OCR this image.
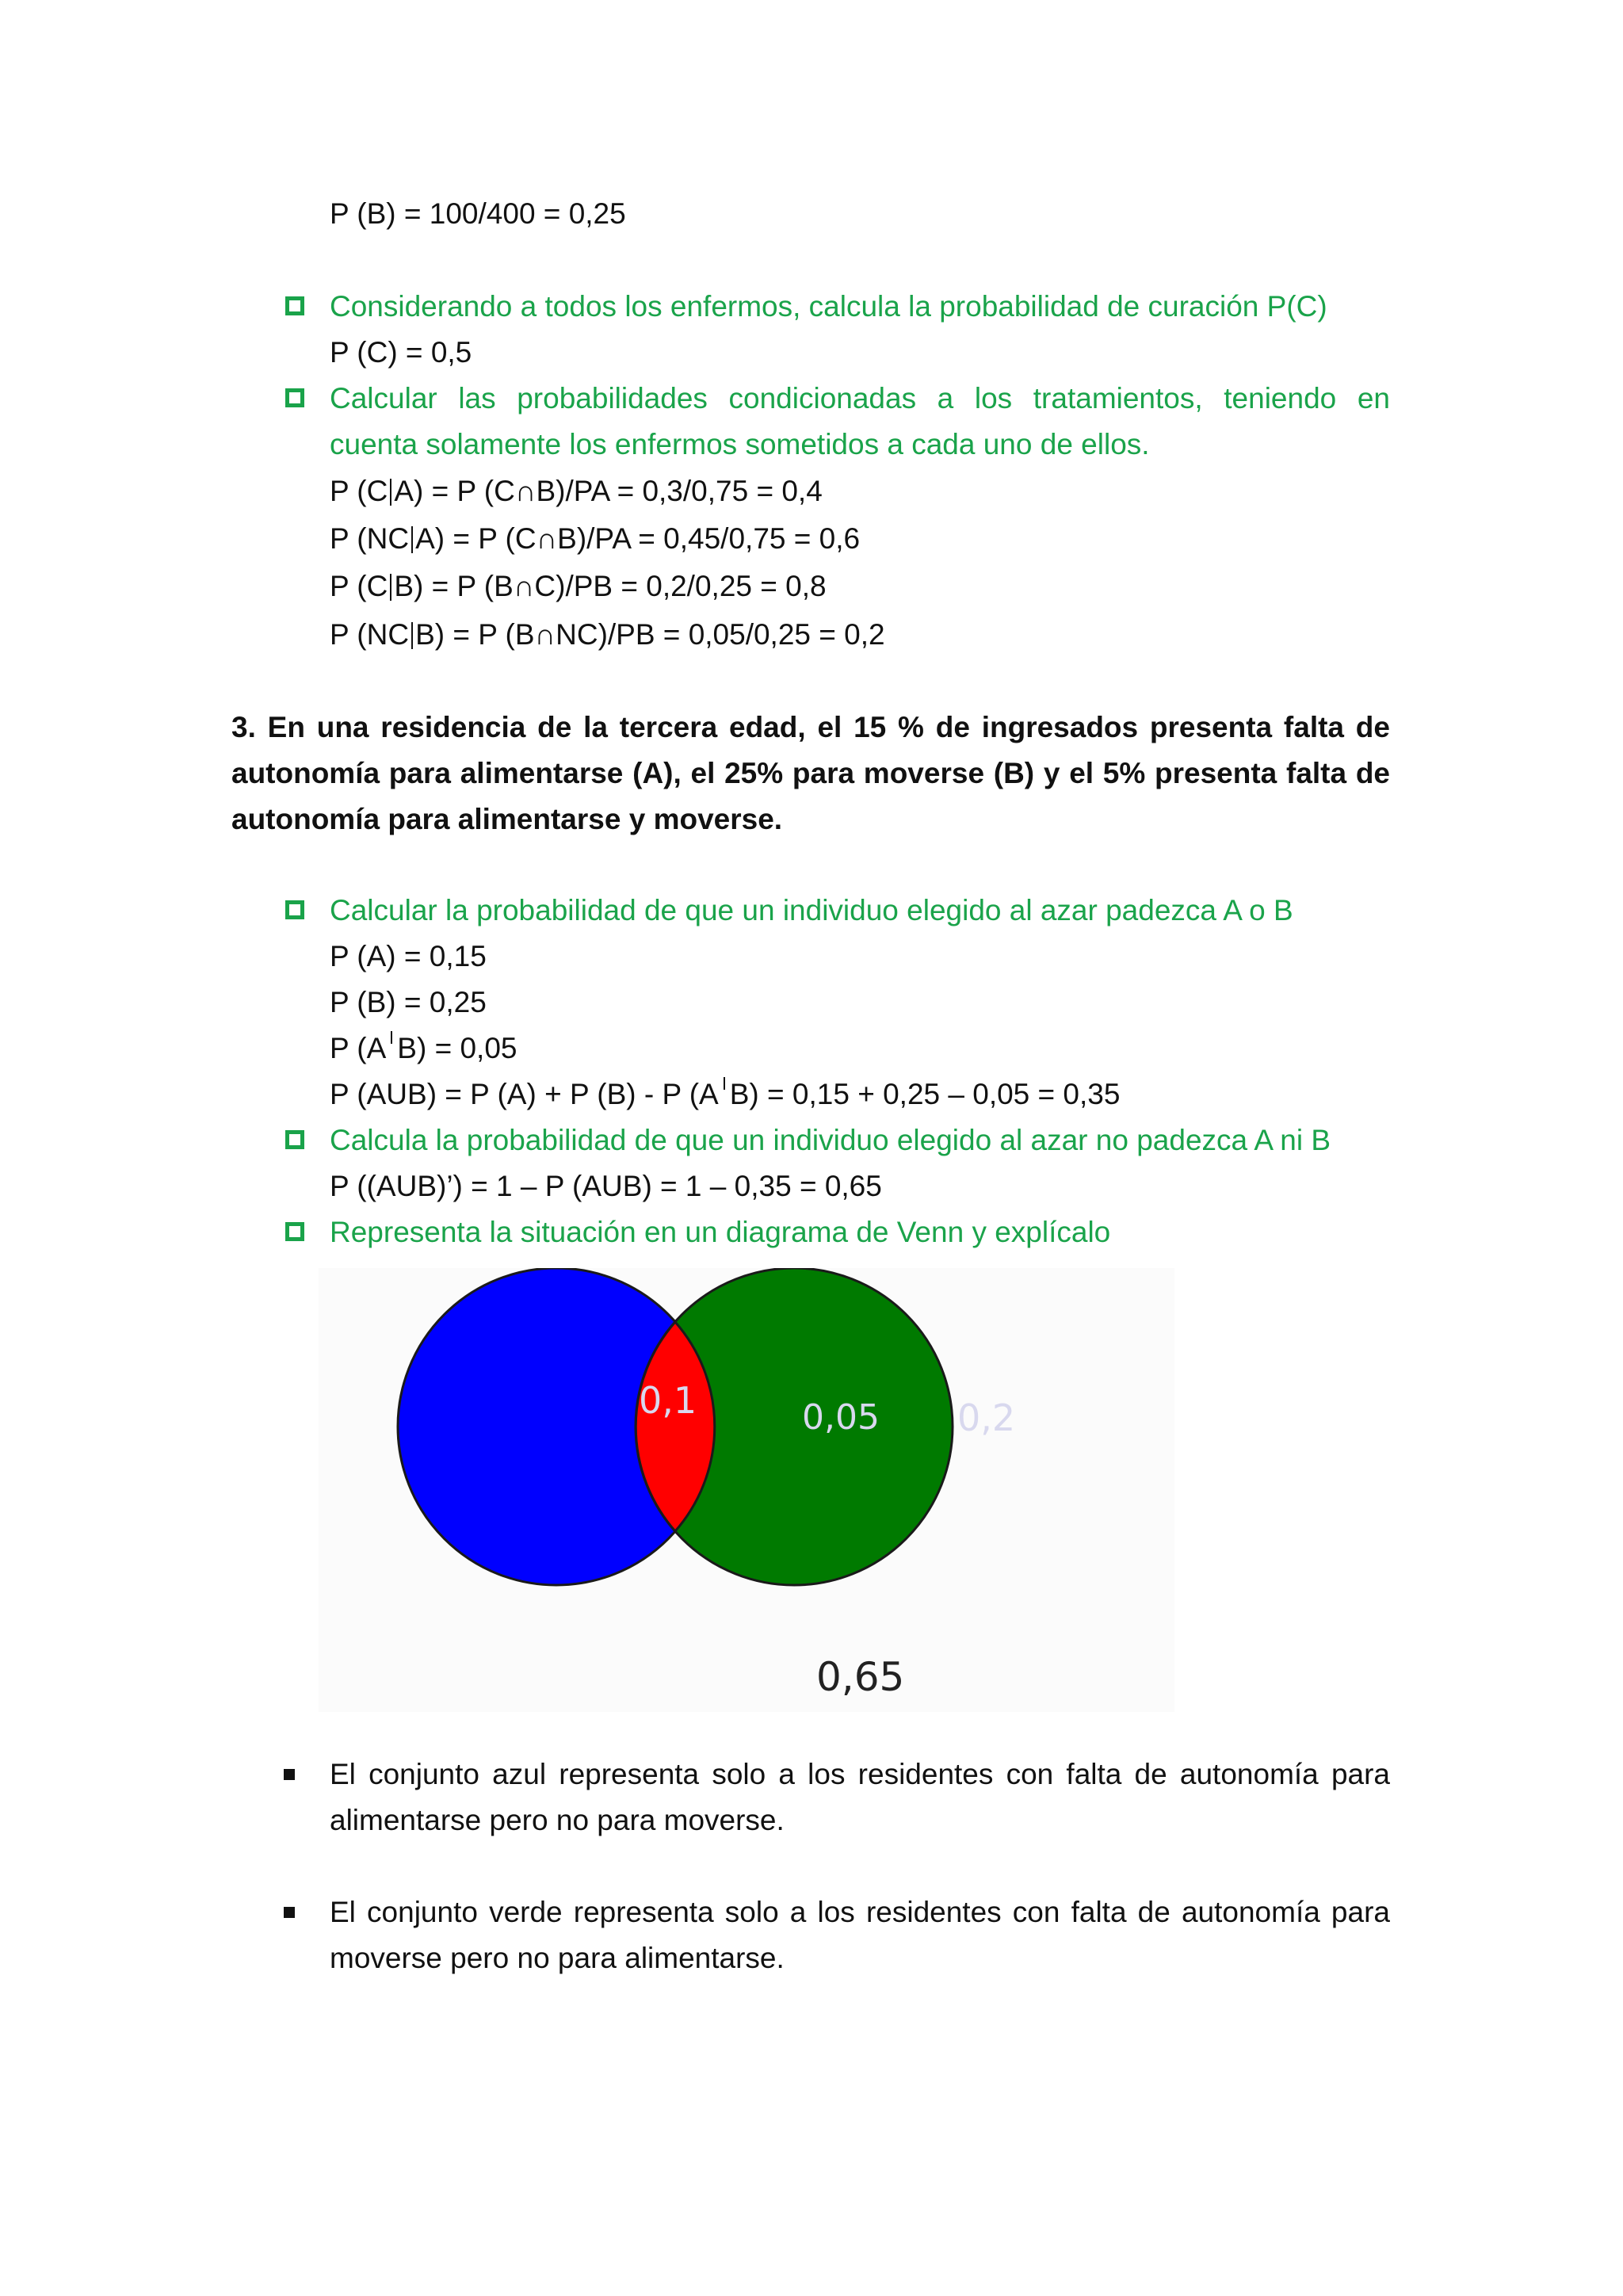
P (B) = 100/400 = 0,25
Considerando a todos los enfermos, calcula la probabilidad de curación P(C)
P (C) = 0,5
Calcular las probabilidades condicionadas a los tratamientos, teniendo en
cuenta solamente los enfermos sometidos a cada uno de ellos.
P (C A) = P (C∩B)/PA = 0,3/0,75 = 0,4
P (NC A) = P (C∩B)/PA = 0,45/0,75 = 0,6
P (C B) = P (B∩C)/PB = 0,2/0,25 = 0,8
P (NC B) = P (B∩NC)/PB = 0,05/0,25 = 0,2
3. En una residencia de la tercera edad, el 15 % de ingresados presenta falta de
autonomía para alimentarse (A), el 25% para moverse (B) y el 5% presenta falta de
autonomía para alimentarse y moverse.
Calcular la probabilidad de que un individuo elegido al azar padezca A o B
P (A) = 0,15
P (B) = 0,25
P (A B) = 0,05
P (AUB) = P (A) + P (B) - P (A B) = 0,15 + 0,25 – 0,05 = 0,35
Calcula la probabilidad de que un individuo elegido al azar no padezca A ni B
P ((AUB)’) = 1 – P (AUB) = 1 – 0,35 = 0,65
Representa la situación en un diagrama de Venn y explícalo
0,1	0,05 0,2
0,65
El conjunto azul representa solo a los residentes con falta de autonomía para
alimentarse pero no para moverse.
El conjunto verde representa solo a los residentes con falta de autonomía para
moverse pero no para alimentarse.
